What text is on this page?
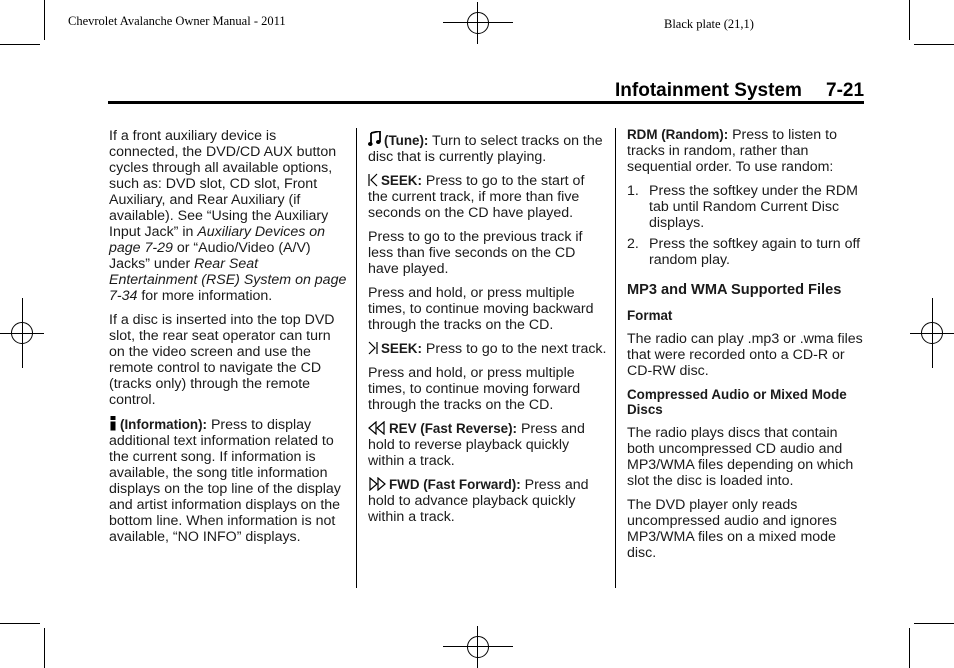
Chevrolet Avalanche Owner Manual - 2011	Black plate (21,1)
Infotainment System 7-21

If a front auxiliary device is connected, the DVD/CD AUX button cycles through all available options, such as: DVD slot, CD slot, Front Auxiliary, and Rear Auxiliary (if available). See “Using the Auxiliary Input Jack” in Auxiliary Devices on page 7-29 or “Audio/Video (A/V) Jacks” under Rear Seat Entertainment (RSE) System on page 7-34 for more information.

If a disc is inserted into the top DVD slot, the rear seat operator can turn on the video screen and use the remote control to navigate the CD (tracks only) through the remote control.

(Information): Press to display additional text information related to the current song. If information is available, the song title information displays on the top line of the display and artist information displays on the bottom line. When information is not available, “NO INFO” displays.

(Tune): Turn to select tracks on the disc that is currently playing.

SEEK: Press to go to the start of the current track, if more than five seconds on the CD have played.

Press to go to the previous track if less than five seconds on the CD have played.

Press and hold, or press multiple times, to continue moving backward through the tracks on the CD.

SEEK: Press to go to the next track.

Press and hold, or press multiple times, to continue moving forward through the tracks on the CD.

REV (Fast Reverse): Press and hold to reverse playback quickly within a track.

FWD (Fast Forward): Press and hold to advance playback quickly within a track.

RDM (Random): Press to listen to tracks in random, rather than sequential order. To use random:

1. Press the softkey under the RDM tab until Random Current Disc displays.
2. Press the softkey again to turn off random play.
MP3 and WMA Supported Files
Format

The radio can play .mp3 or .wma files that were recorded onto a CD-R or CD-RW disc.

Compressed Audio or Mixed Mode Discs

The radio plays discs that contain both uncompressed CD audio and MP3/WMA files depending on which slot the disc is loaded into.

The DVD player only reads uncompressed audio and ignores MP3/WMA files on a mixed mode disc.
